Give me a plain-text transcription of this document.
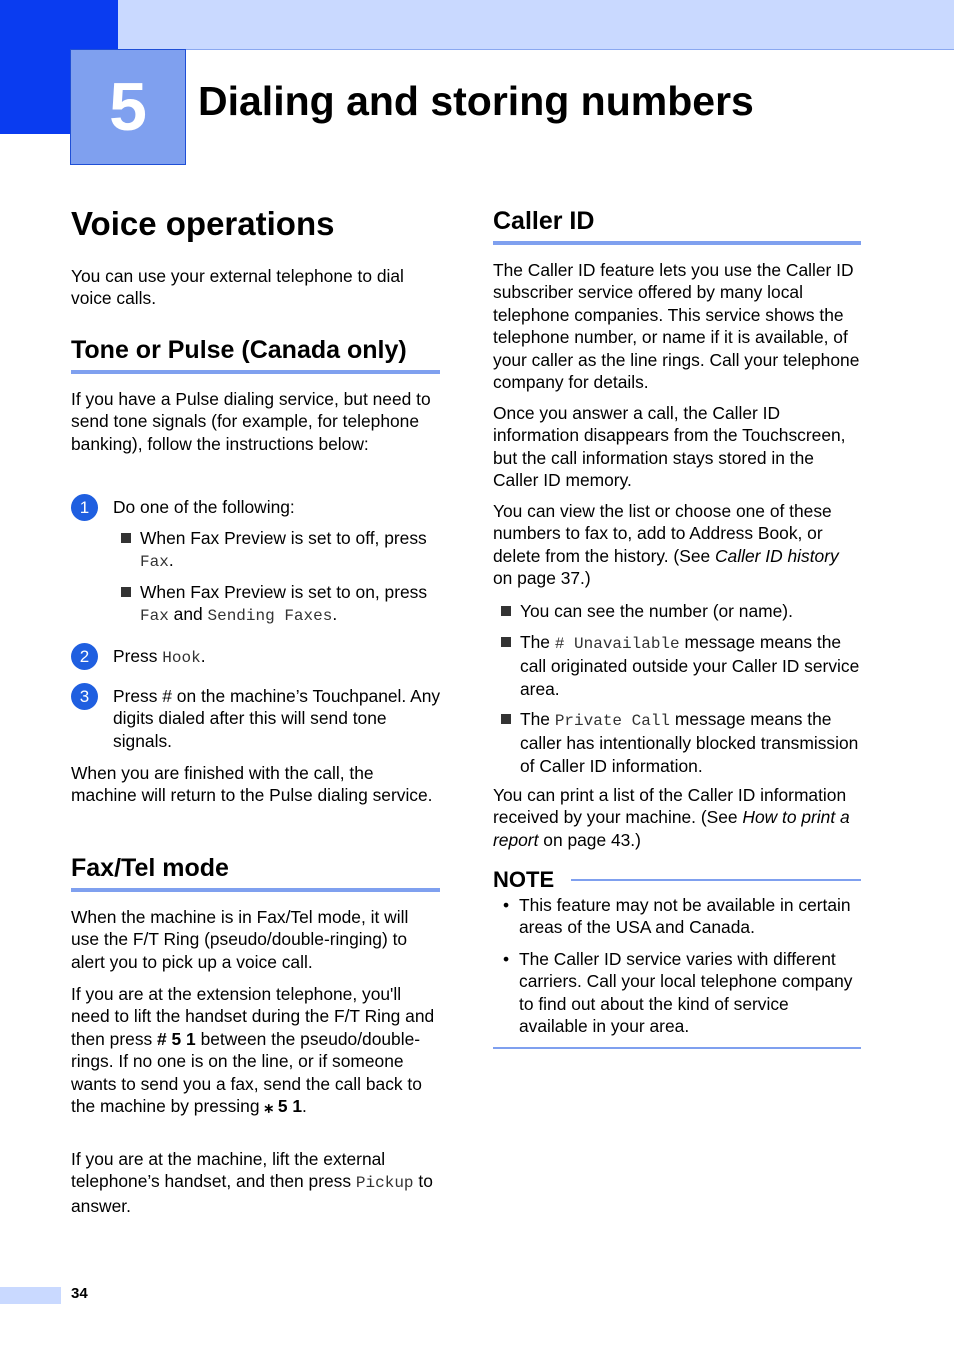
5	Dialing and storing numbers
Voice operations

You can use your external telephone to dial voice calls.

Tone or Pulse (Canada only)

If you have a Pulse dialing service, but need to send tone signals (for example, for telephone banking), follow the instructions below:

1	Do one of the following:
When Fax Preview is set to off, press Fax.
When Fax Preview is set to on, press Fax and Sending Faxes.
2	Press Hook.
3	Press # on the machine’s Touchpanel. Any digits dialed after this will send tone signals.

When you are finished with the call, the machine will return to the Pulse dialing service.

Fax/Tel mode

When the machine is in Fax/Tel mode, it will use the F/T Ring (pseudo/double-ringing) to alert you to pick up a voice call.

If you are at the extension telephone, you'll need to lift the handset during the F/T Ring and then press # 5 1 between the pseudo/double-rings. If no one is on the line, or if someone wants to send you a fax, send the call back to the machine by pressing ⁎ 5 1.

If you are at the machine, lift the external telephone’s handset, and then press Pickup to answer.

Caller ID

The Caller ID feature lets you use the Caller ID subscriber service offered by many local telephone companies. This service shows the telephone number, or name if it is available, of your caller as the line rings. Call your telephone company for details.

Once you answer a call, the Caller ID information disappears from the Touchscreen, but the call information stays stored in the Caller ID memory.

You can view the list or choose one of these numbers to fax to, add to Address Book, or delete from the history. (See Caller ID history on page 37.)

You can see the number (or name).
The # Unavailable message means the call originated outside your Caller ID service area.
The Private Call message means the caller has intentionally blocked transmission of Caller ID information.

You can print a list of the Caller ID information received by your machine. (See How to print a report on page 43.)

NOTE
• This feature may not be available in certain areas of the USA and Canada.
• The Caller ID service varies with different carriers. Call your local telephone company to find out about the kind of service available in your area.
34
